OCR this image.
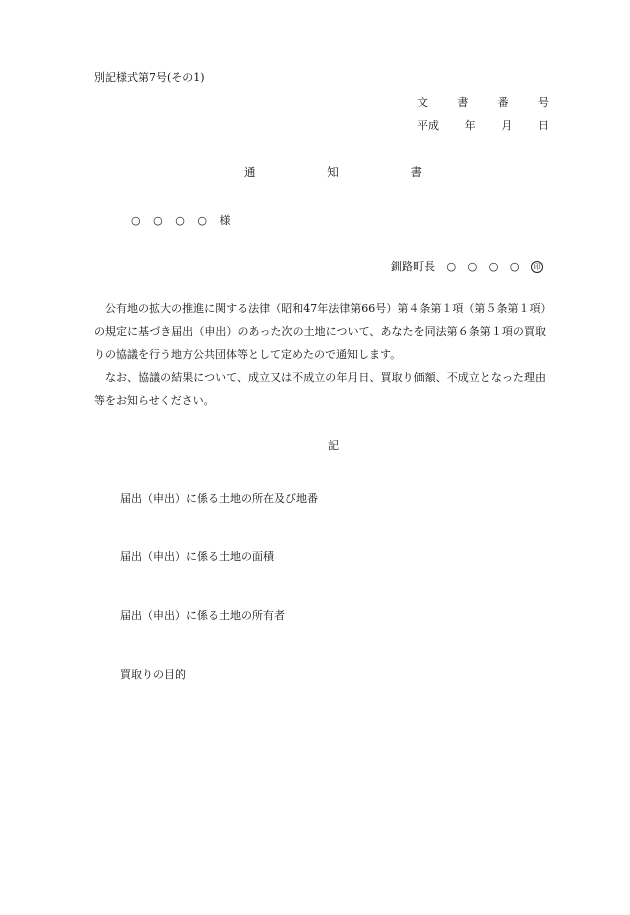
別記様式第7号(その1)
文	書	番	号
平成 年 月 日
通	知	書
○ ○ ○ ○ 様
釧路町長 ○ ○ ○ ○ 印

公有地の拡大の推進に関する法律（昭和47年法律第66号）第４条第１項（第５条第１項）の規定に基づき届出（申出）のあった次の土地について、あなたを同法第６条第１項の買取りの協議を行う地方公共団体等として定めたので通知します。

なお、協議の結果について、成立又は不成立の年月日、買取り価額、不成立となった理由等をお知らせください。

記
届出（申出）に係る土地の所在及び地番
届出（申出）に係る土地の面積
届出（申出）に係る土地の所有者
買取りの目的
